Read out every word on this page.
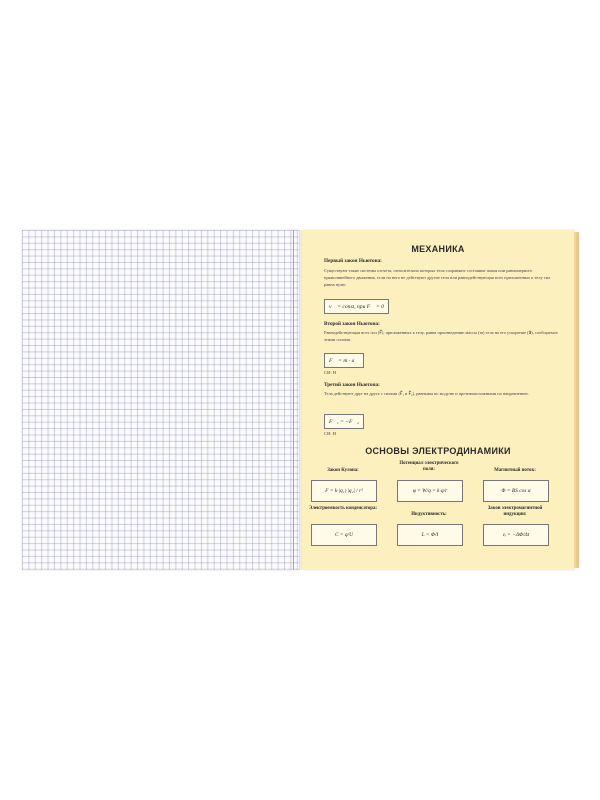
МЕХАНИКА
Первый закон Ньютона:
Существуют такие системы отсчета, относительно которых тела сохраняют состояние покоя или равномерного прямолинейного движения, если на него не действуют другие тела или равнодействующая всех приложенных к телу сил равна нулю.
v⃗ = const, при F⃗ = 0
Второй закон Ньютона:
Равнодействующая всех сил (F⃗), приложенных к телу, равна произведению массы (m) тела на его ускорение (a⃗), сообщаемое этими силами.
F⃗ = m · a⃗
СИ: Н
Третий закон Ньютона:
Тела действуют друг на друга с силами (F⃗₁ и F⃗₂), равными по модулю и противоположными по направлению.
F⃗₁ = −F⃗₂
СИ: Н
ОСНОВЫ ЭЛЕКТРОДИНАМИКИ
Закон Кулона:
F = k·|q₁|·|q₂| / r²
Потенциал электрического поля:
φ = W/q = k·q/r
Магнитный поток:
Φ = BS cos α
Электроемкость конденсатора:
C = q/U
Индуктивность:
L = Φ/I
Закон электромагнитной индукции:
εᵢ = −ΔΦ/Δt
